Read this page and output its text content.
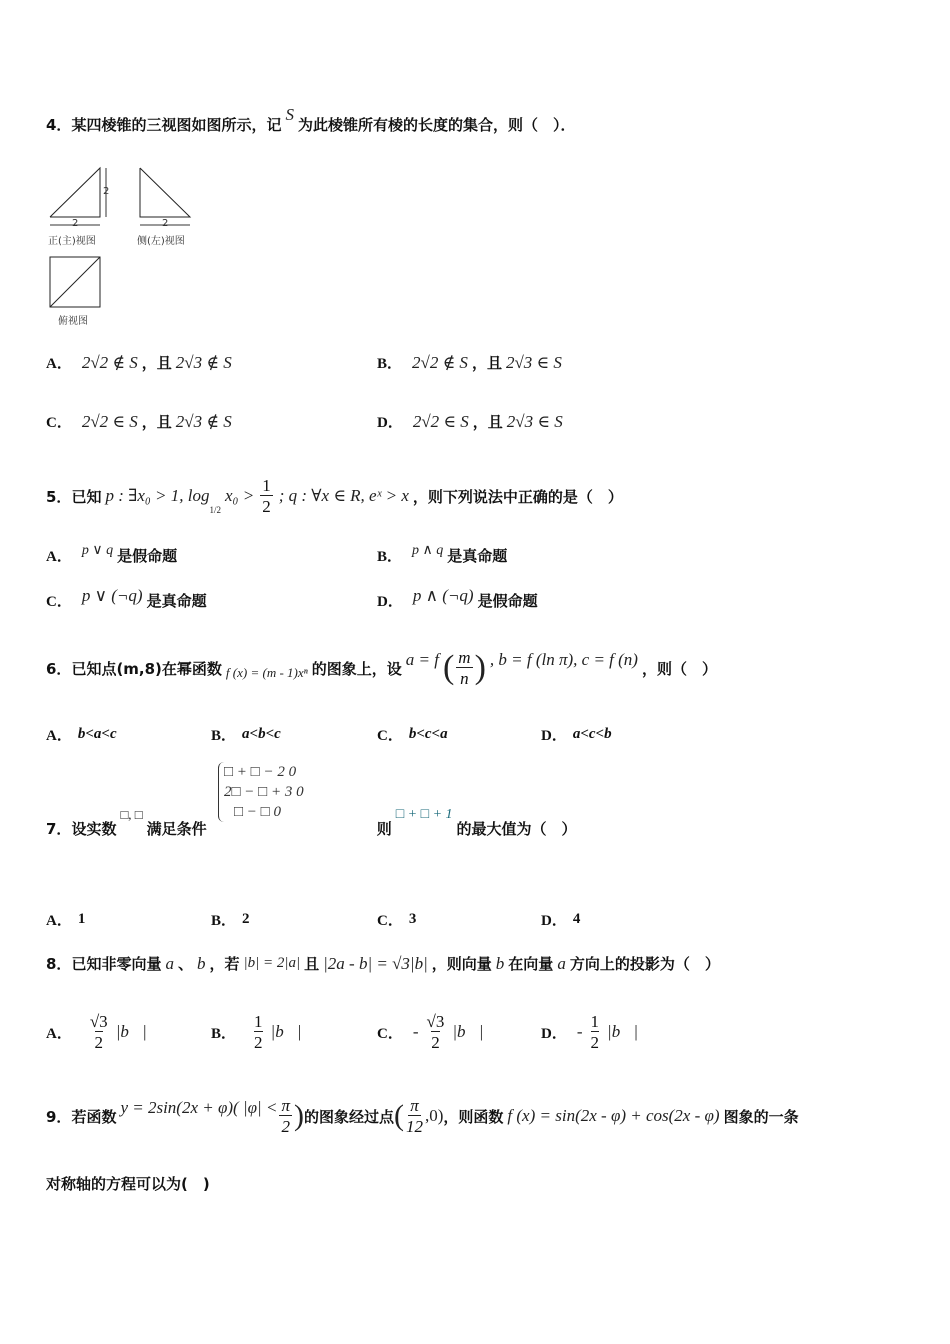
4． 某四棱锥的三视图如图所示，记
S
为此棱锥所有棱的长度的集合，则（　）．
2
2	2
正(主)视图	侧(左)视图
俯视图
A． 2√2 ∉ S ，且 2√3 ∉ S	B． 2√2 ∉ S ，且 2√3 ∈ S
C． 2√2 ∈ S ，且 2√3 ∉ S	D． 2√2 ∈ S ，且 2√3 ∈ S
5． 已知 p : ∃x₀ > 1, log
1/2
$x_0 > \frac{1}{2}$ ; q : ∀x ∈ R, eˣ > x ，则下列说法中正确的是（　）
A． p ∨ q 是假命题	B． p ∧ q 是真命题
C． p ∨ (¬q) 是真命题	D． p ∧ (¬q) 是假命题
6． 已知点(m,8)在幂函数 f (x) = (m - 1)xⁿ 的图象上，设 a = f ( $\frac{m}{n}$ ) , b = f (ln π), c = f (n) ，则（　）
A． b<a<c	B． a<b<c	C． b<c<a	D． a<c<b
□ + □ − 2 0
2□ − □ + 3 0
□ − □ 0
7． 设实数
□, □
满足条件	则
□ + □ + 1
的最大值为（　）
A． 1	B． 2	C． 3	D． 4
8． 已知非零向量 a 、 b ，若 |b| = 2|a| 且 |2a - b| = √3|b| ，则向量 b 在向量 a 方向上的投影为（　）
A． $\frac{√3}{2}$ |b⃗|	B． $\frac{1}{2}$ |b⃗|	C． - $\frac{√3}{2}$ |b⃗|	D． - $\frac{1}{2}$ |b⃗|
9． 若函数 y = 2sin(2x + φ)( $|\varphi| < \frac{\pi}{2}$ ) 的图象经过点 ( $\frac{\pi}{12} ,0$) ，则函数 f (x) = sin(2x - φ) + cos(2x - φ) 图象的一条
对称轴的方程可以为(　)
